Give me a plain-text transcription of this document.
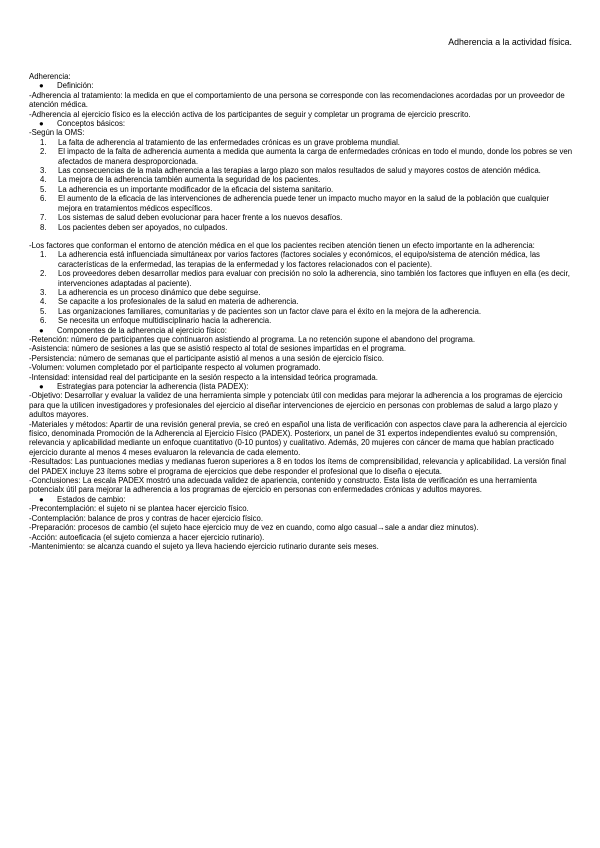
Adherencia a la actividad física.

Adherencia:

● Definición:

-Adherencia al tratamiento: la medida en que el comportamiento de una persona se corresponde con las recomendaciones acordadas por un proveedor de atención médica.

-Adherencia al ejercicio físico es la elección activa de los participantes de seguir y completar un programa de ejercicio prescrito.

● Conceptos básicos:

-Según la OMS:

1. La falta de adherencia al tratamiento de las enfermedades crónicas es un grave problema mundial.
2. El impacto de la falta de adherencia aumenta a medida que aumenta la carga de enfermedades crónicas en todo el mundo, donde los pobres se ven afectados de manera desproporcionada.
3. Las consecuencias de la mala adherencia a las terapias a largo plazo son malos resultados de salud y mayores costos de atención médica.
4. La mejora de la adherencia también aumenta la seguridad de los pacientes.
5. La adherencia es un importante modificador de la eficacia del sistema sanitario.
6. El aumento de la eficacia de las intervenciones de adherencia puede tener un impacto mucho mayor en la salud de la población que cualquier mejora en tratamientos médicos específicos.
7. Los sistemas de salud deben evolucionar para hacer frente a los nuevos desafíos.
8. Los pacientes deben ser apoyados, no culpados.

-Los factores que conforman el entorno de atención médica en el que los pacientes reciben atención tienen un efecto importante en la adherencia:

1. La adherencia está influenciada simultáneax por varios factores (factores sociales y económicos, el equipo/sistema de atención médica, las características de la enfermedad, las terapias de la enfermedad y los factores relacionados con el paciente).
2. Los proveedores deben desarrollar medios para evaluar con precisión no solo la adherencia, sino también los factores que influyen en ella (es decir, intervenciones adaptadas al paciente).
3. La adherencia es un proceso dinámico que debe seguirse.
4. Se capacite a los profesionales de la salud en materia de adherencia.
5. Las organizaciones familiares, comunitarias y de pacientes son un factor clave para el éxito en la mejora de la adherencia.
6. Se necesita un enfoque multidisciplinario hacia la adherencia.

● Componentes de la adherencia al ejercicio físico:

-Retención: número de participantes que continuaron asistiendo al programa. La no retención supone el abandono del programa.

-Asistencia: número de sesiones a las que se asistió respecto al total de sesiones impartidas en el programa.

-Persistencia: número de semanas que el participante asistió al menos a una sesión de ejercicio físico.

-Volumen: volumen completado por el participante respecto al volumen programado.

-Intensidad: intensidad real del participante en la sesión respecto a la intensidad teórica programada.

● Estrategias para potenciar la adherencia (lista PADEX):

-Objetivo: Desarrollar y evaluar la validez de una herramienta simple y potencialx útil con medidas para mejorar la adherencia a los programas de ejercicio para que la utilicen investigadores y profesionales del ejercicio al diseñar intervenciones de ejercicio en personas con problemas de salud a largo plazo y adultos mayores.

-Materiales y métodos: Apartir de una revisión general previa, se creó en español una lista de verificación con aspectos clave para la adherencia al ejercicio físico, denominada Promoción de la Adherencia al Ejercicio Físico (PADEX). Posteriorx, un panel de 31 expertos independientes evaluó su comprensión, relevancia y aplicabilidad mediante un enfoque cuantitativo (0-10 puntos) y cualitativo. Además, 20 mujeres con cáncer de mama que habían practicado ejercicio durante al menos 4 meses evaluaron la relevancia de cada elemento.

-Resultados: Las puntuaciones medias y medianas fueron superiores a 8 en todos los ítems de comprensibilidad, relevancia y aplicabilidad. La versión final del PADEX incluye 23 ítems sobre el programa de ejercicios que debe responder el profesional que lo diseña o ejecuta.

-Conclusiones: La escala PADEX mostró una adecuada validez de apariencia, contenido y constructo. Esta lista de verificación es una herramienta potencialx útil para mejorar la adherencia a los programas de ejercicio en personas con enfermedades crónicas y adultos mayores.

● Estados de cambio:

-Precontemplación: el sujeto ni se plantea hacer ejercicio físico.

-Contemplación: balance de pros y contras de hacer ejercicio físico.

-Preparación: procesos de cambio (el sujeto hace ejercicio muy de vez en cuando, como algo casual→sale a andar diez minutos).

-Acción: autoeficacia (el sujeto comienza a hacer ejercicio rutinario).

-Mantenimiento: se alcanza cuando el sujeto ya lleva haciendo ejercicio rutinario durante seis meses.
